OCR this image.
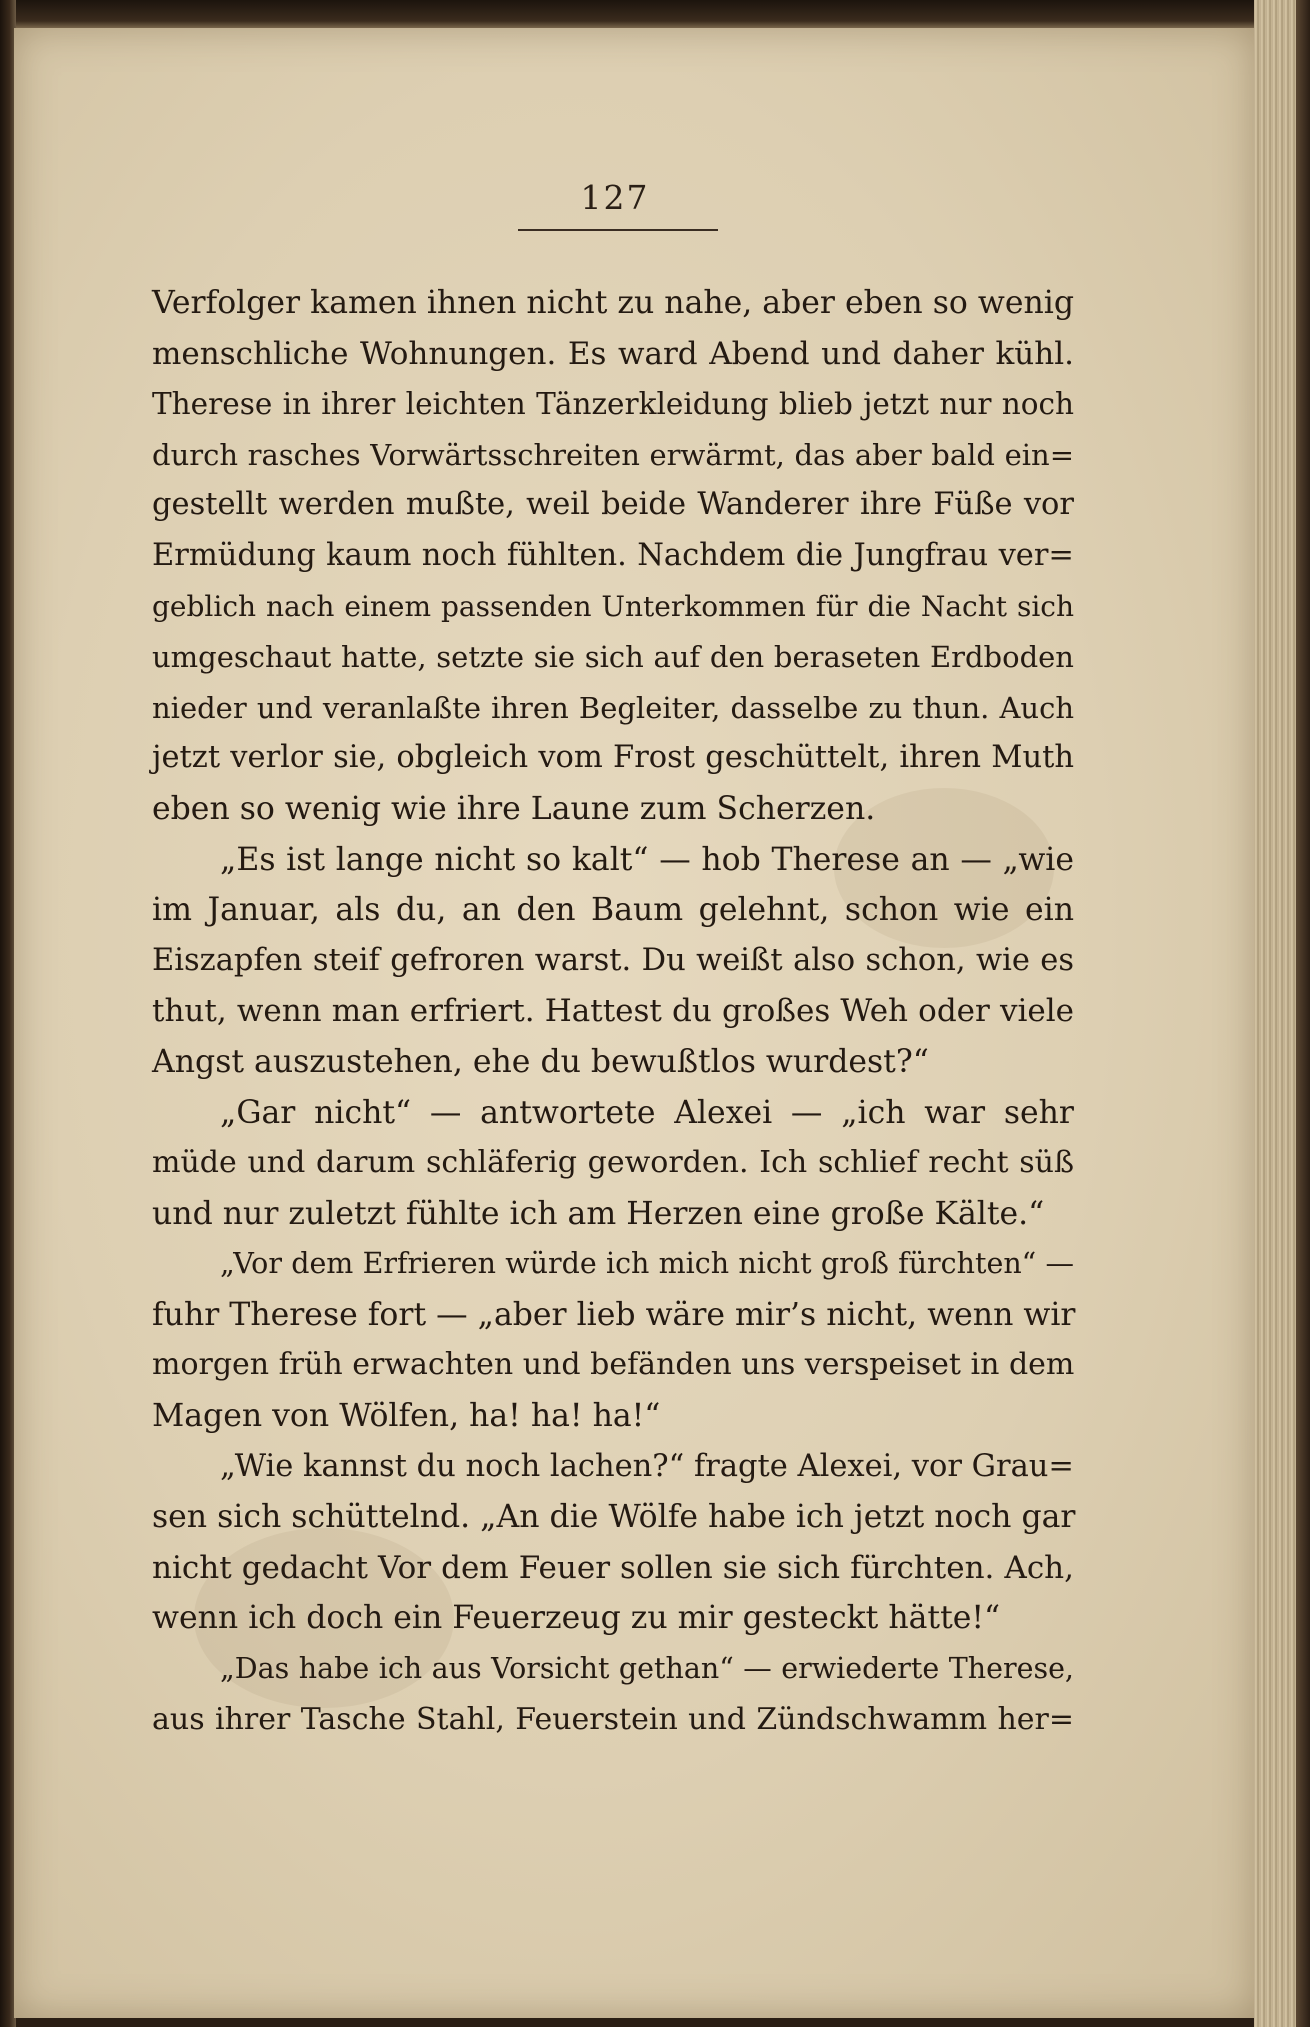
127
Verfolger kamen ihnen nicht zu nahe, aber eben so wenig
menschliche Wohnungen. Es ward Abend und daher kühl.
Therese in ihrer leichten Tänzerkleidung blieb jetzt nur noch
durch rasches Vorwärtsschreiten erwärmt, das aber bald ein=
gestellt werden mußte, weil beide Wanderer ihre Füße vor
Ermüdung kaum noch fühlten. Nachdem die Jungfrau ver=
geblich nach einem passenden Unterkommen für die Nacht sich
umgeschaut hatte, setzte sie sich auf den beraseten Erdboden
nieder und veranlaßte ihren Begleiter, dasselbe zu thun. Auch
jetzt verlor sie, obgleich vom Frost geschüttelt, ihren Muth
eben so wenig wie ihre Laune zum Scherzen.
„Es ist lange nicht so kalt“ — hob Therese an — „wie
im Januar, als du, an den Baum gelehnt, schon wie ein
Eiszapfen steif gefroren warst. Du weißt also schon, wie es
thut, wenn man erfriert. Hattest du großes Weh oder viele
Angst auszustehen, ehe du bewußtlos wurdest?“
„Gar nicht“ — antwortete Alexei — „ich war sehr
müde und darum schläferig geworden. Ich schlief recht süß
und nur zuletzt fühlte ich am Herzen eine große Kälte.“
„Vor dem Erfrieren würde ich mich nicht groß fürchten“ —
fuhr Therese fort — „aber lieb wäre mir’s nicht, wenn wir
morgen früh erwachten und befänden uns verspeiset in dem
Magen von Wölfen, ha! ha! ha!“
„Wie kannst du noch lachen?“ fragte Alexei, vor Grau=
sen sich schüttelnd. „An die Wölfe habe ich jetzt noch gar
nicht gedacht Vor dem Feuer sollen sie sich fürchten. Ach,
wenn ich doch ein Feuerzeug zu mir gesteckt hätte!“
„Das habe ich aus Vorsicht gethan“ — erwiederte Therese,
aus ihrer Tasche Stahl, Feuerstein und Zündschwamm her=
